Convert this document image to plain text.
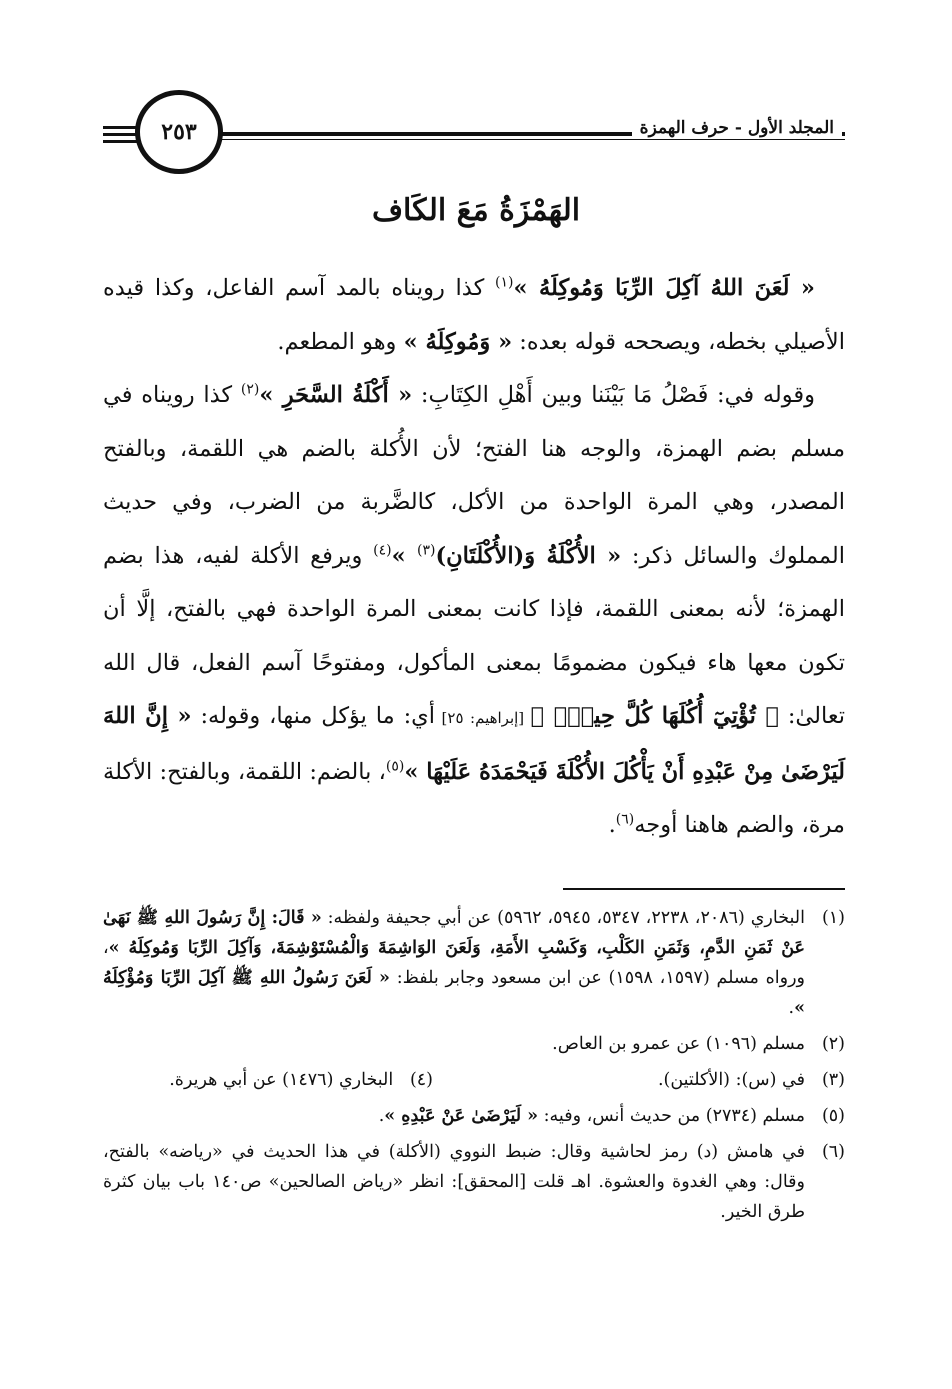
المجلد الأول - حرف الهمزة
٢٥٣
الهَمْزَةُ مَعَ الكَاف

« لَعَنَ اللهُ آكِلَ الرِّبَا وَمُوكِلَهُ »$^{(١)}$ كذا رويناه بالمد آسم الفاعل، وكذا قيده الأصيلي بخطه، ويصححه قوله بعده: « وَمُوكِلَهُ » وهو المطعم.

وقوله في: فَصْلُ مَا بَيْنَنا وبين أَهْلِ الكِتَابِ: « أَكْلَةُ السَّحَرِ »$^{(٢)}$ كذا رويناه في مسلم بضم الهمزة، والوجه هنا الفتح؛ لأن الأُكلة بالضم هي اللقمة، وبالفتح المصدر، وهي المرة الواحدة من الأكل، كالضَّربة من الضرب، وفي حديث المملوك والسائل ذكر: « الأُكْلَةُ وَ(الأُكْلَتَانِ)$^{(٣)}$ »$^{(٤)}$ ويرفع الأكلة لفيه، هذا بضم الهمزة؛ لأنه بمعنى اللقمة، فإذا كانت بمعنى المرة الواحدة فهي بالفتح، إلَّا أن تكون معها هاء فيكون مضمومًا بمعنى المأكول، ومفتوحًا آسم الفعل، قال الله تعالىٰ: ﴿ تُؤْتِيٓ أُكُلَهَا كُلَّ حِينٍۭ ﴾ [إبراهيم: ٢٥] أي: ما يؤكل منها، وقوله: « إِنَّ اللهَ لَيَرْضَىٰ مِنْ عَبْدِهِ أَنْ يَأْكُلَ الأُكْلَةَ فَيَحْمَدَهُ عَلَيْهَا »$^{(٥)}$، بالضم: اللقمة، وبالفتح: الأكلة مرة، والضم هاهنا أوجه$^{(٦)}$.

(١)
البخاري (٢٠٨٦، ٢٢٣٨، ٥٣٤٧، ٥٩٤٥، ٥٩٦٢) عن أبي جحيفة ولفظه: « قَالَ: إِنَّ رَسُولَ اللهِ ﷺ نَهَىٰ عَنْ ثَمَنِ الدَّمِ، وَثَمَنِ الكَلْبِ، وَكَسْبِ الأَمَةِ، وَلَعَنَ الوَاشِمَةَ وَالْمُسْتَوْشِمَةَ، وَآكِلَ الرِّبَا وَمُوكِلَهُ »، ورواه مسلم (١٥٩٧، ١٥٩٨) عن ابن مسعود وجابر بلفظ: « لَعَنَ رَسُولُ اللهِ ﷺ آكِلَ الرِّبَا وَمُؤْكِلَهُ ».
(٢)
مسلم (١٠٩٦) عن عمرو بن العاص.
(٣)
في (س): (الأكلتين).
(٤)   البخاري (١٤٧٦) عن أبي هريرة.
(٥)
مسلم (٢٧٣٤) من حديث أنس، وفيه: « لَيَرْضَىٰ عَنْ عَبْدِهِ ».
(٦)
في هامش (د) رمز لحاشية وقال: ضبط النووي (الأكلة) في هذا الحديث في «رياضه» بالفتح، وقال: وهي الغدوة والعشوة. اهـ قلت [المحقق]: انظر «رياض الصالحين» ص١٤٠ باب بيان كثرة طرق الخير.
